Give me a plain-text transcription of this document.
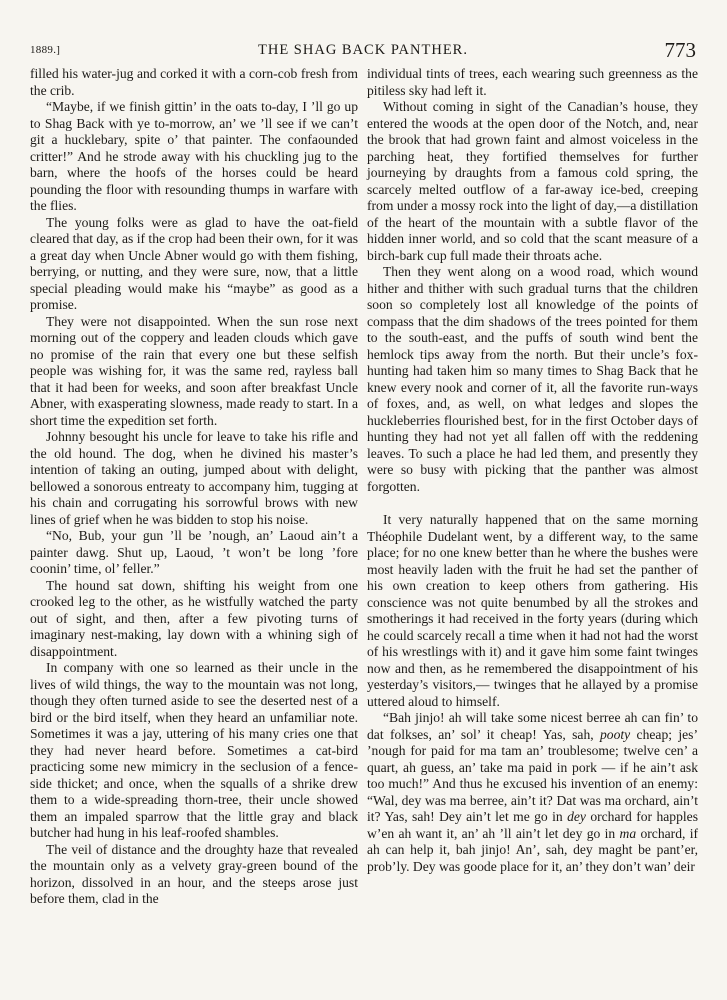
1889.]	THE SHAG BACK PANTHER.	773

filled his water-jug and corked it with a corn-cob fresh from the crib.

“Maybe, if we finish gittin’ in the oats to-day, I ’ll go up to Shag Back with ye to-morrow, an’ we ’ll see if we can’t git a hucklebary, spite o’ that painter. The confaounded critter!” And he strode away with his chuckling jug to the barn, where the hoofs of the horses could be heard pounding the floor with resounding thumps in warfare with the flies.

The young folks were as glad to have the oat-field cleared that day, as if the crop had been their own, for it was a great day when Uncle Abner would go with them fishing, berrying, or nutting, and they were sure, now, that a little special pleading would make his “maybe” as good as a promise.

They were not disappointed. When the sun rose next morning out of the coppery and leaden clouds which gave no promise of the rain that every one but these selfish people was wishing for, it was the same red, rayless ball that it had been for weeks, and soon after breakfast Uncle Abner, with exasperating slowness, made ready to start. In a short time the expedition set forth.

Johnny besought his uncle for leave to take his rifle and the old hound. The dog, when he divined his master’s intention of taking an outing, jumped about with delight, bellowed a sonorous entreaty to accompany him, tugging at his chain and corrugating his sorrowful brows with new lines of grief when he was bidden to stop his noise.

“No, Bub, your gun ’ll be ’nough, an’ Laoud ain’t a painter dawg. Shut up, Laoud, ’t won’t be long ’fore coonin’ time, ol’ feller.”

The hound sat down, shifting his weight from one crooked leg to the other, as he wistfully watched the party out of sight, and then, after a few pivoting turns of imaginary nest-making, lay down with a whining sigh of disappointment.

In company with one so learned as their uncle in the lives of wild things, the way to the mountain was not long, though they often turned aside to see the deserted nest of a bird or the bird itself, when they heard an unfamiliar note. Sometimes it was a jay, uttering of his many cries one that they had never heard before. Sometimes a cat-bird practicing some new mimicry in the seclusion of a fence-side thicket; and once, when the squalls of a shrike drew them to a wide-spreading thorn-tree, their uncle showed them an impaled sparrow that the little gray and black butcher had hung in his leaf-roofed shambles.

The veil of distance and the droughty haze that revealed the mountain only as a velvety gray-green bound of the horizon, dissolved in an hour, and the steeps arose just before them, clad in the

individual tints of trees, each wearing such greenness as the pitiless sky had left it.

Without coming in sight of the Canadian’s house, they entered the woods at the open door of the Notch, and, near the brook that had grown faint and almost voiceless in the parching heat, they fortified themselves for further journeying by draughts from a famous cold spring, the scarcely melted outflow of a far-away ice-bed, creeping from under a mossy rock into the light of day,—a distillation of the heart of the mountain with a subtle flavor of the hidden inner world, and so cold that the scant measure of a birch-bark cup full made their throats ache.

Then they went along on a wood road, which wound hither and thither with such gradual turns that the children soon so completely lost all knowledge of the points of compass that the dim shadows of the trees pointed for them to the south-east, and the puffs of south wind bent the hemlock tips away from the north. But their uncle’s fox-hunting had taken him so many times to Shag Back that he knew every nook and corner of it, all the favorite run-ways of foxes, and, as well, on what ledges and slopes the huckleberries flourished best, for in the first October days of hunting they had not yet all fallen off with the reddening leaves. To such a place he had led them, and presently they were so busy with picking that the panther was almost forgotten.

It very naturally happened that on the same morning Théophile Dudelant went, by a different way, to the same place; for no one knew better than he where the bushes were most heavily laden with the fruit he had set the panther of his own creation to keep others from gathering. His conscience was not quite benumbed by all the strokes and smotherings it had received in the forty years (during which he could scarcely recall a time when it had not had the worst of his wrestlings with it) and it gave him some faint twinges now and then, as he remembered the disappointment of his yesterday’s visitors,— twinges that he allayed by a promise uttered aloud to himself.

“Bah jinjo! ah will take some nicest berree ah can fin’ to dat folkses, an’ sol’ it cheap! Yas, sah, pooty cheap; jes’ ’nough for paid for ma tam an’ troublesome; twelve cen’ a quart, ah guess, an’ take ma paid in pork — if he ain’t ask too much!” And thus he excused his invention of an enemy: “Wal, dey was ma berree, ain’t it? Dat was ma orchard, ain’t it? Yas, sah! Dey ain’t let me go in dey orchard for happles w’en ah want it, an’ ah ’ll ain’t let dey go in ma orchard, if ah can help it, bah jinjo! An’, sah, dey maght be pant’er, prob’ly. Dey was goode place for it, an’ they don’t wan’ deir
